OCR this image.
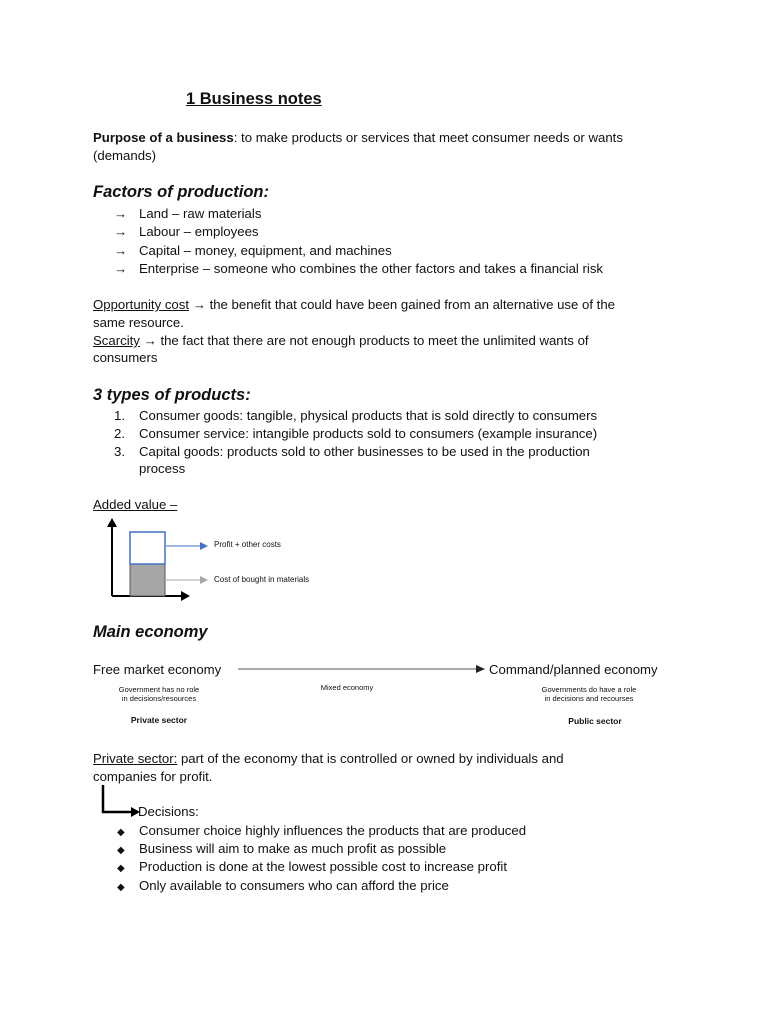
1 Business notes
Purpose of a business: to make products or services that meet consumer needs or wants
(demands)
Factors of production:
→ Land – raw materials
→ Labour – employees
→ Capital – money, equipment, and machines
→ Enterprise – someone who combines the other factors and takes a financial risk
Opportunity cost → the benefit that could have been gained from an alternative use of the
same resource.
Scarcity → the fact that there are not enough products to meet the unlimited wants of
consumers
3 types of products:
1. Consumer goods: tangible, physical products that is sold directly to consumers
2. Consumer service: intangible products sold to consumers (example insurance)
3. Capital goods: products sold to other businesses to be used in the production
process
Added value –
Profit + other costs
Cost of bought in materials
Main economy
Free market economy	Command/planned economy
Government has no role
in decisions/resources
Mixed economy	Governments do have a role
in decisions and recourses
Private sector	Public sector
Private sector: part of the economy that is controlled or owned by individuals and
companies for profit.
Decisions:
◆ Consumer choice highly influences the products that are produced
◆ Business will aim to make as much profit as possible
◆ Production is done at the lowest possible cost to increase profit
◆ Only available to consumers who can afford the price
